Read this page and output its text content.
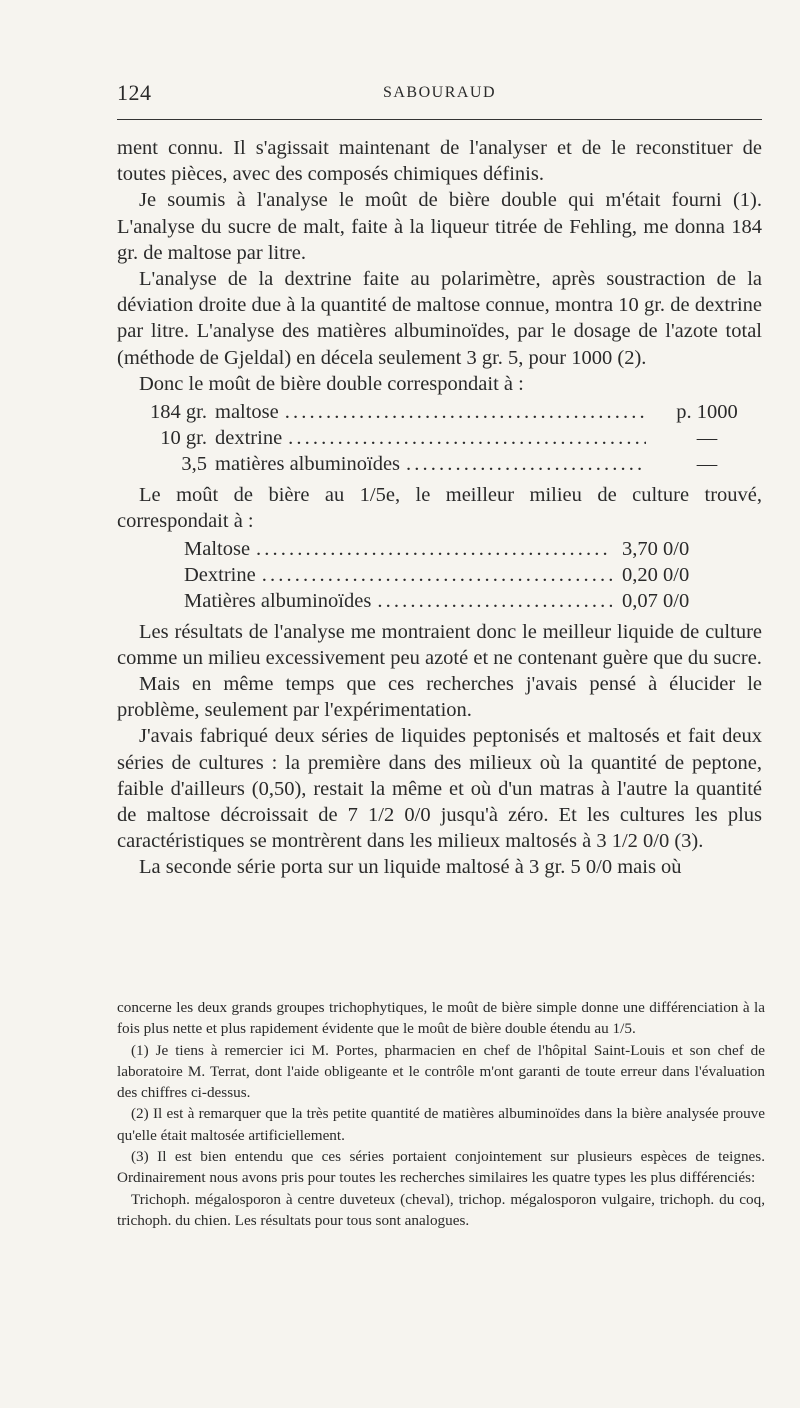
124	SABOURAUD

ment connu. Il s'agissait maintenant de l'analyser et de le reconstituer de toutes pièces, avec des composés chimiques définis.

Je soumis à l'analyse le moût de bière double qui m'était fourni (1). L'analyse du sucre de malt, faite à la liqueur titrée de Fehling, me donna 184 gr. de maltose par litre.

L'analyse de la dextrine faite au polarimètre, après soustraction de la déviation droite due à la quantité de maltose connue, montra 10 gr. de dextrine par litre. L'analyse des matières albuminoïdes, par le dosage de l'azote total (méthode de Gjeldal) en décela seulement 3 gr. 5, pour 1000 (2).

Donc le moût de bière double correspondait à :

184 gr. maltose . . .	p. 1000
10 gr. dextrine . . .	—
3,5 matières albuminoïdes . . .	—

Le moût de bière au 1/5e, le meilleur milieu de culture trouvé, correspondait à :

Maltose . . .	3,70 0/0
Dextrine . . .	0,20 0/0
Matières albuminoïdes . . .	0,07 0/0

Les résultats de l'analyse me montraient donc le meilleur liquide de culture comme un milieu excessivement peu azoté et ne contenant guère que du sucre.

Mais en même temps que ces recherches j'avais pensé à élucider le problème, seulement par l'expérimentation.

J'avais fabriqué deux séries de liquides peptonisés et maltosés et fait deux séries de cultures : la première dans des milieux où la quantité de peptone, faible d'ailleurs (0,50), restait la même et où d'un matras à l'autre la quantité de maltose décroissait de 7 1/2 0/0 jusqu'à zéro. Et les cultures les plus caractéristiques se montrèrent dans les milieux maltosés à 3 1/2 0/0 (3).

La seconde série porta sur un liquide maltosé à 3 gr. 5 0/0 mais où

concerne les deux grands groupes trichophytiques, le moût de bière simple donne une différenciation à la fois plus nette et plus rapidement évidente que le moût de bière double étendu au 1/5.

(1) Je tiens à remercier ici M. Portes, pharmacien en chef de l'hôpital Saint-Louis et son chef de laboratoire M. Terrat, dont l'aide obligeante et le contrôle m'ont garanti de toute erreur dans l'évaluation des chiffres ci-dessus.

(2) Il est à remarquer que la très petite quantité de matières albuminoïdes dans la bière analysée prouve qu'elle était maltosée artificiellement.

(3) Il est bien entendu que ces séries portaient conjointement sur plusieurs espèces de teignes. Ordinairement nous avons pris pour toutes les recherches similaires les quatre types les plus différenciés:

Trichoph. mégalosporon à centre duveteux (cheval), trichop. mégalosporon vulgaire, trichoph. du coq, trichoph. du chien. Les résultats pour tous sont analogues.
